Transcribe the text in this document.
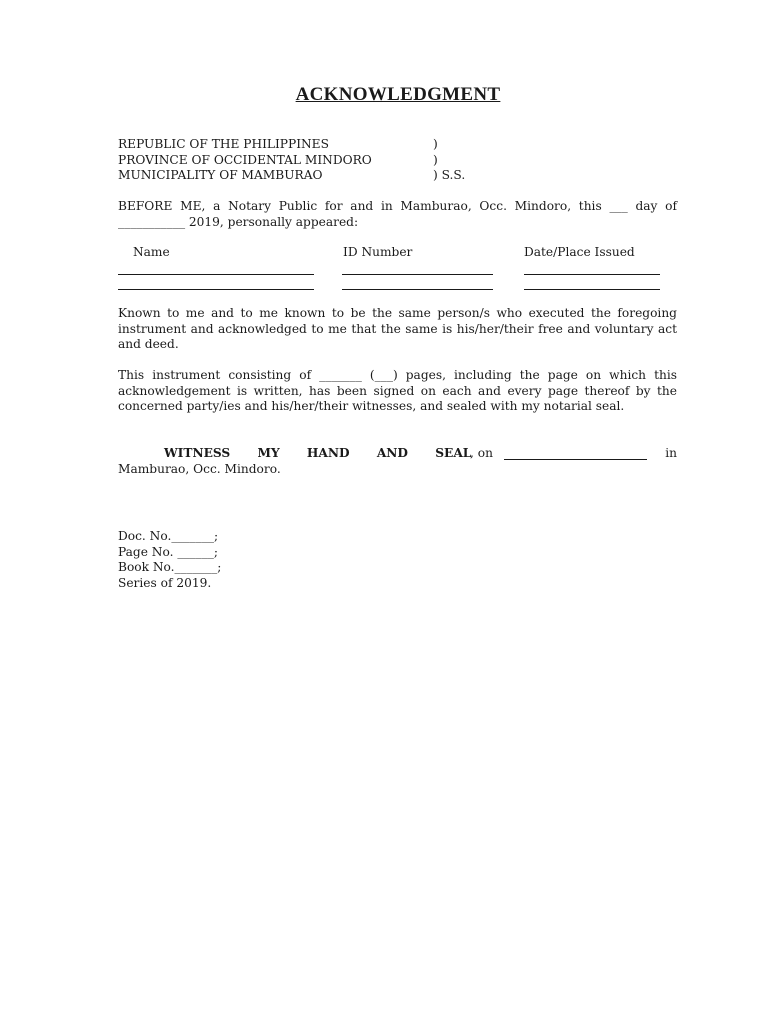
ACKNOWLEDGMENT
REPUBLIC OF THE PHILIPPINES	)
PROVINCE OF OCCIDENTAL MINDORO	)
MUNICIPALITY OF MAMBURAO	) S.S.
BEFORE ME, a Notary Public for and in Mamburao, Occ. Mindoro, this ___ day of ___________ 2019, personally appeared:
Name	ID Number	Date/Place Issued
Known to me and to me known to be the same person/s who executed the foregoing instrument and acknowledged to me that the same is his/her/their free and voluntary act and deed.
This instrument consisting of _______ (___) pages, including the page on which this acknowledgement is written, has been signed on each and every page thereof by the concerned party/ies and his/her/their witnesses, and sealed with my notarial seal.
WITNESS MY HAND AND SEAL
, on	in
Mamburao, Occ. Mindoro.
Doc. No._______;
Page No. ______;
Book No._______;
Series of 2019.
